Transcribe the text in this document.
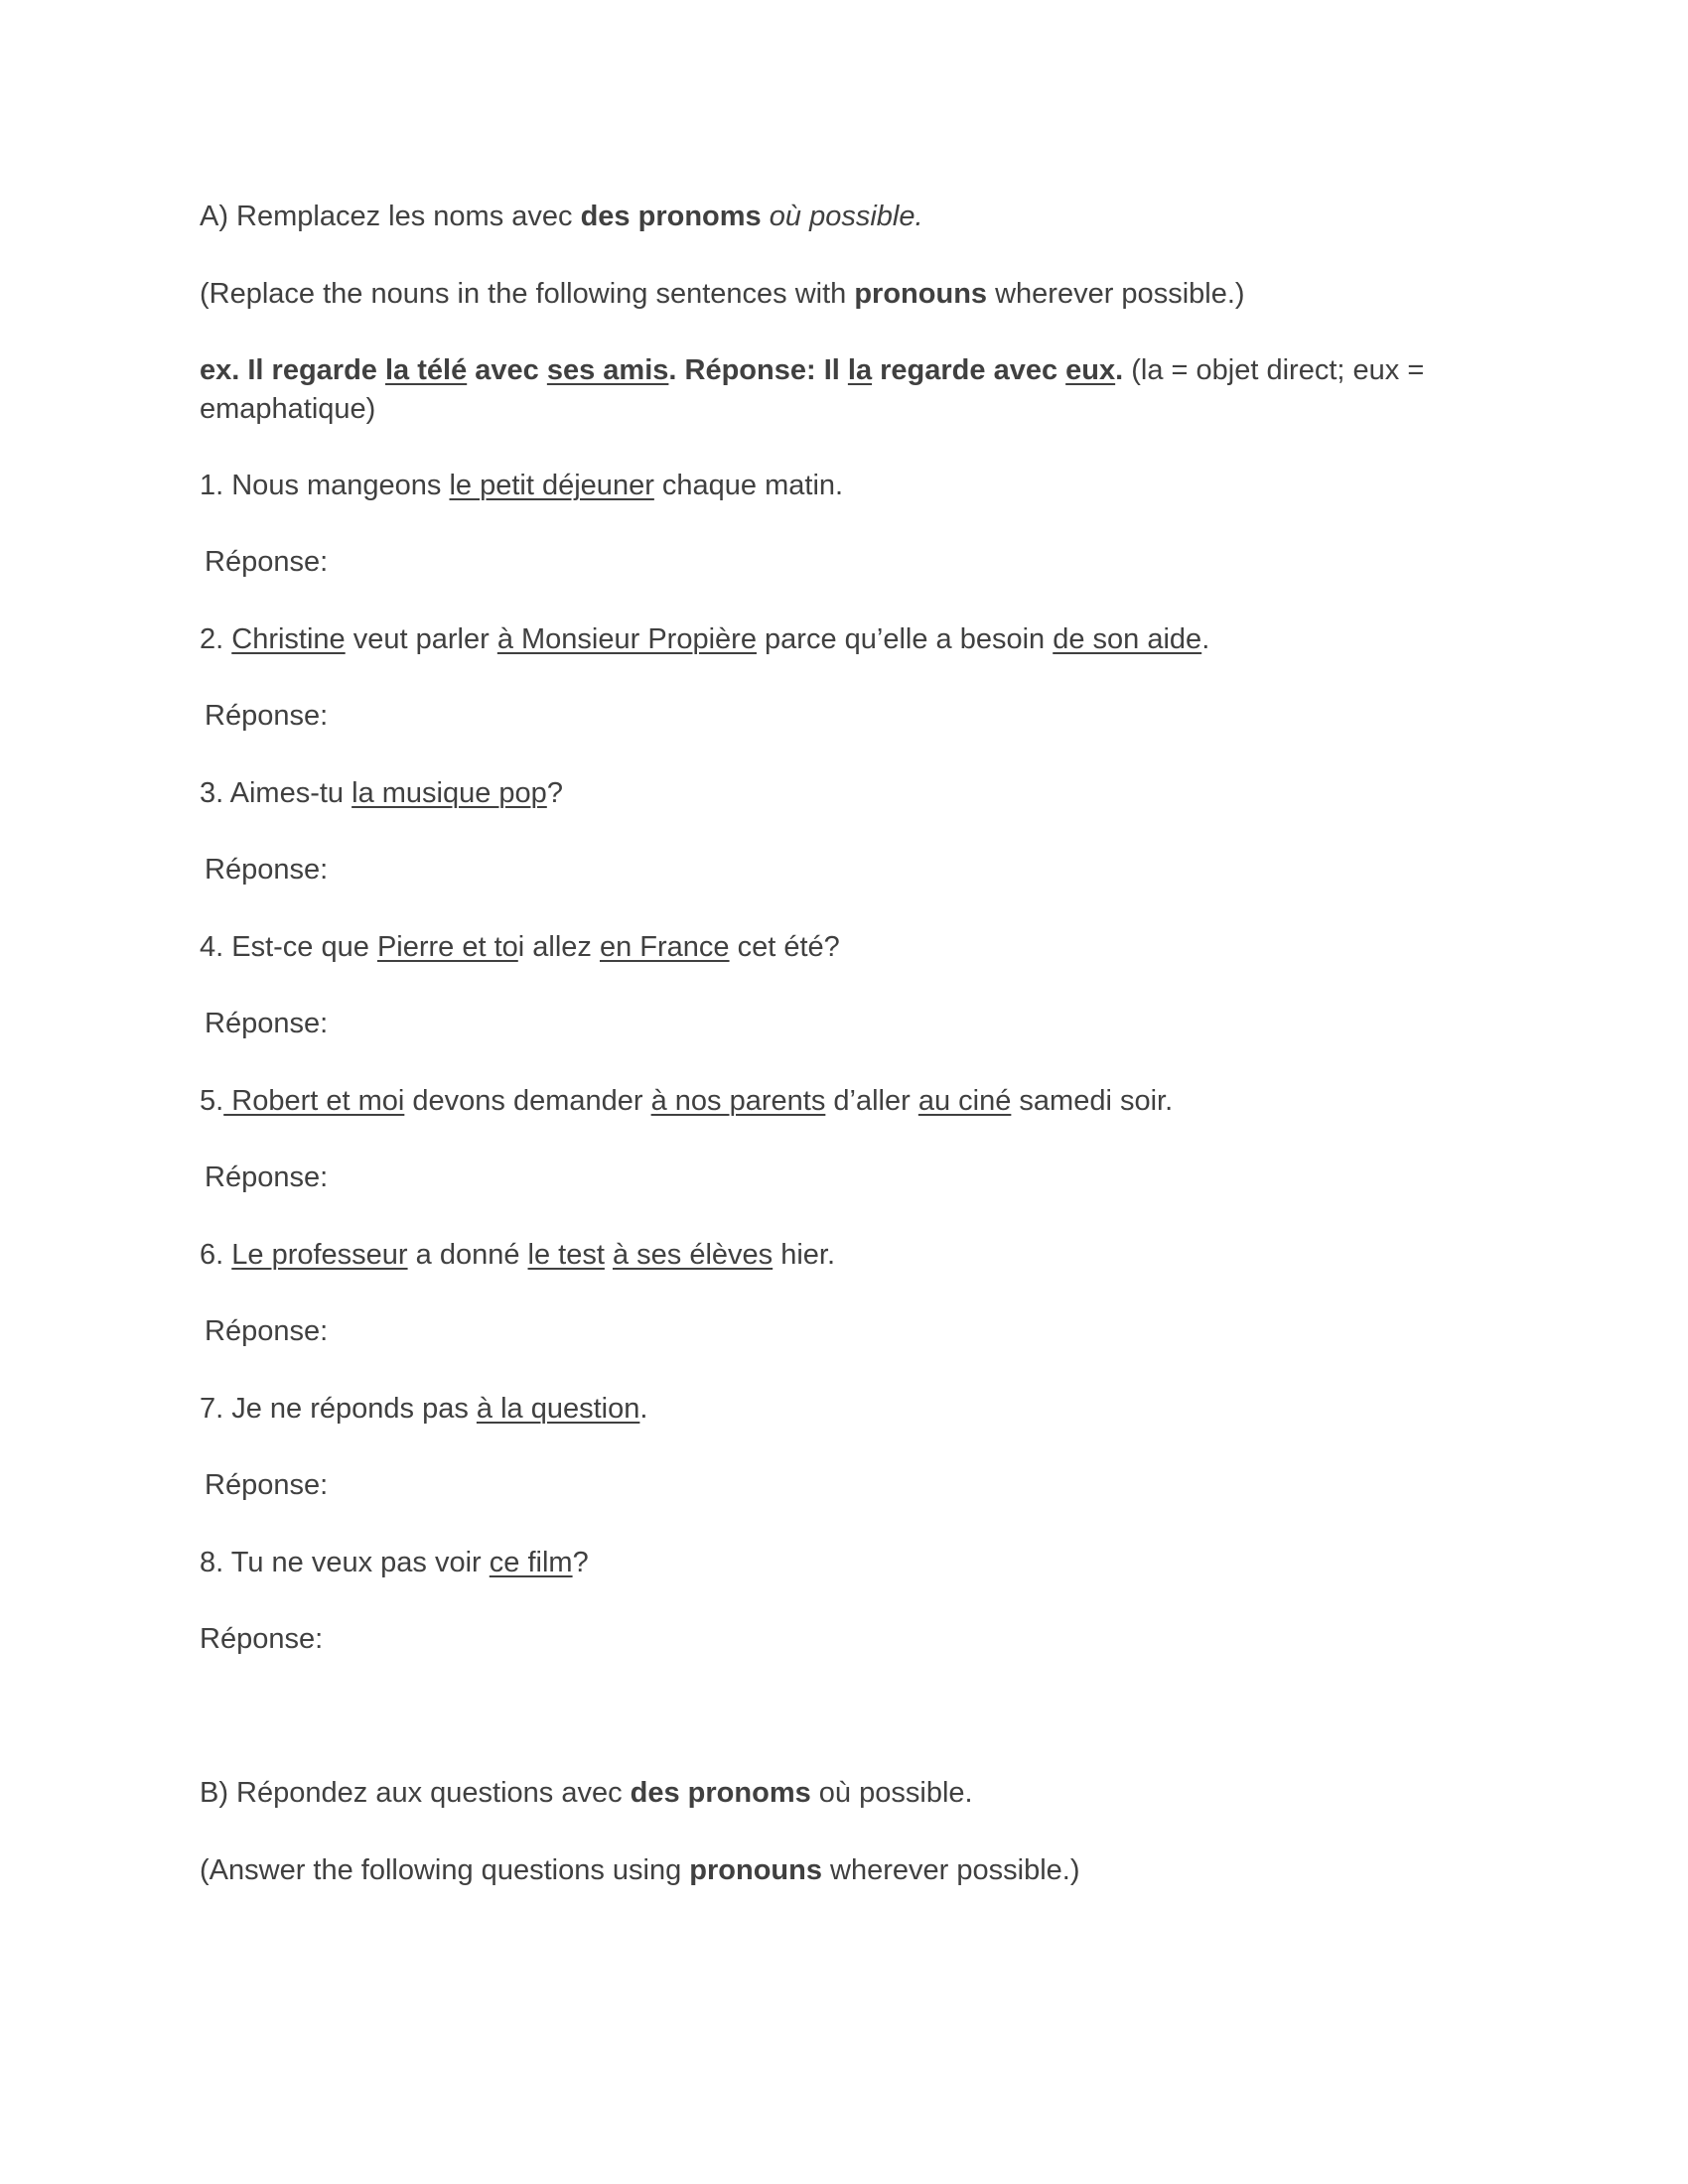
A) Remplacez les noms avec des pronoms où possible.
(Replace the nouns in the following sentences with pronouns wherever possible.)
ex. Il regarde la télé avec ses amis. Réponse: Il la regarde avec eux. (la = objet direct; eux = emaphatique)
1. Nous mangeons le petit déjeuner chaque matin.
Réponse:
2. Christine veut parler à Monsieur Propière parce qu’elle a besoin de son aide.
Réponse:
3. Aimes-tu la musique pop?
Réponse:
4. Est-ce que Pierre et toi allez en France cet été?
Réponse:
5. Robert et moi devons demander à nos parents d’aller au ciné samedi soir.
Réponse:
6. Le professeur a donné le test à ses élèves hier.
Réponse:
7. Je ne réponds pas à la question.
Réponse:
8. Tu ne veux pas voir ce film?
Réponse:
B) Répondez aux questions avec des pronoms où possible.
(Answer the following questions using pronouns wherever possible.)
